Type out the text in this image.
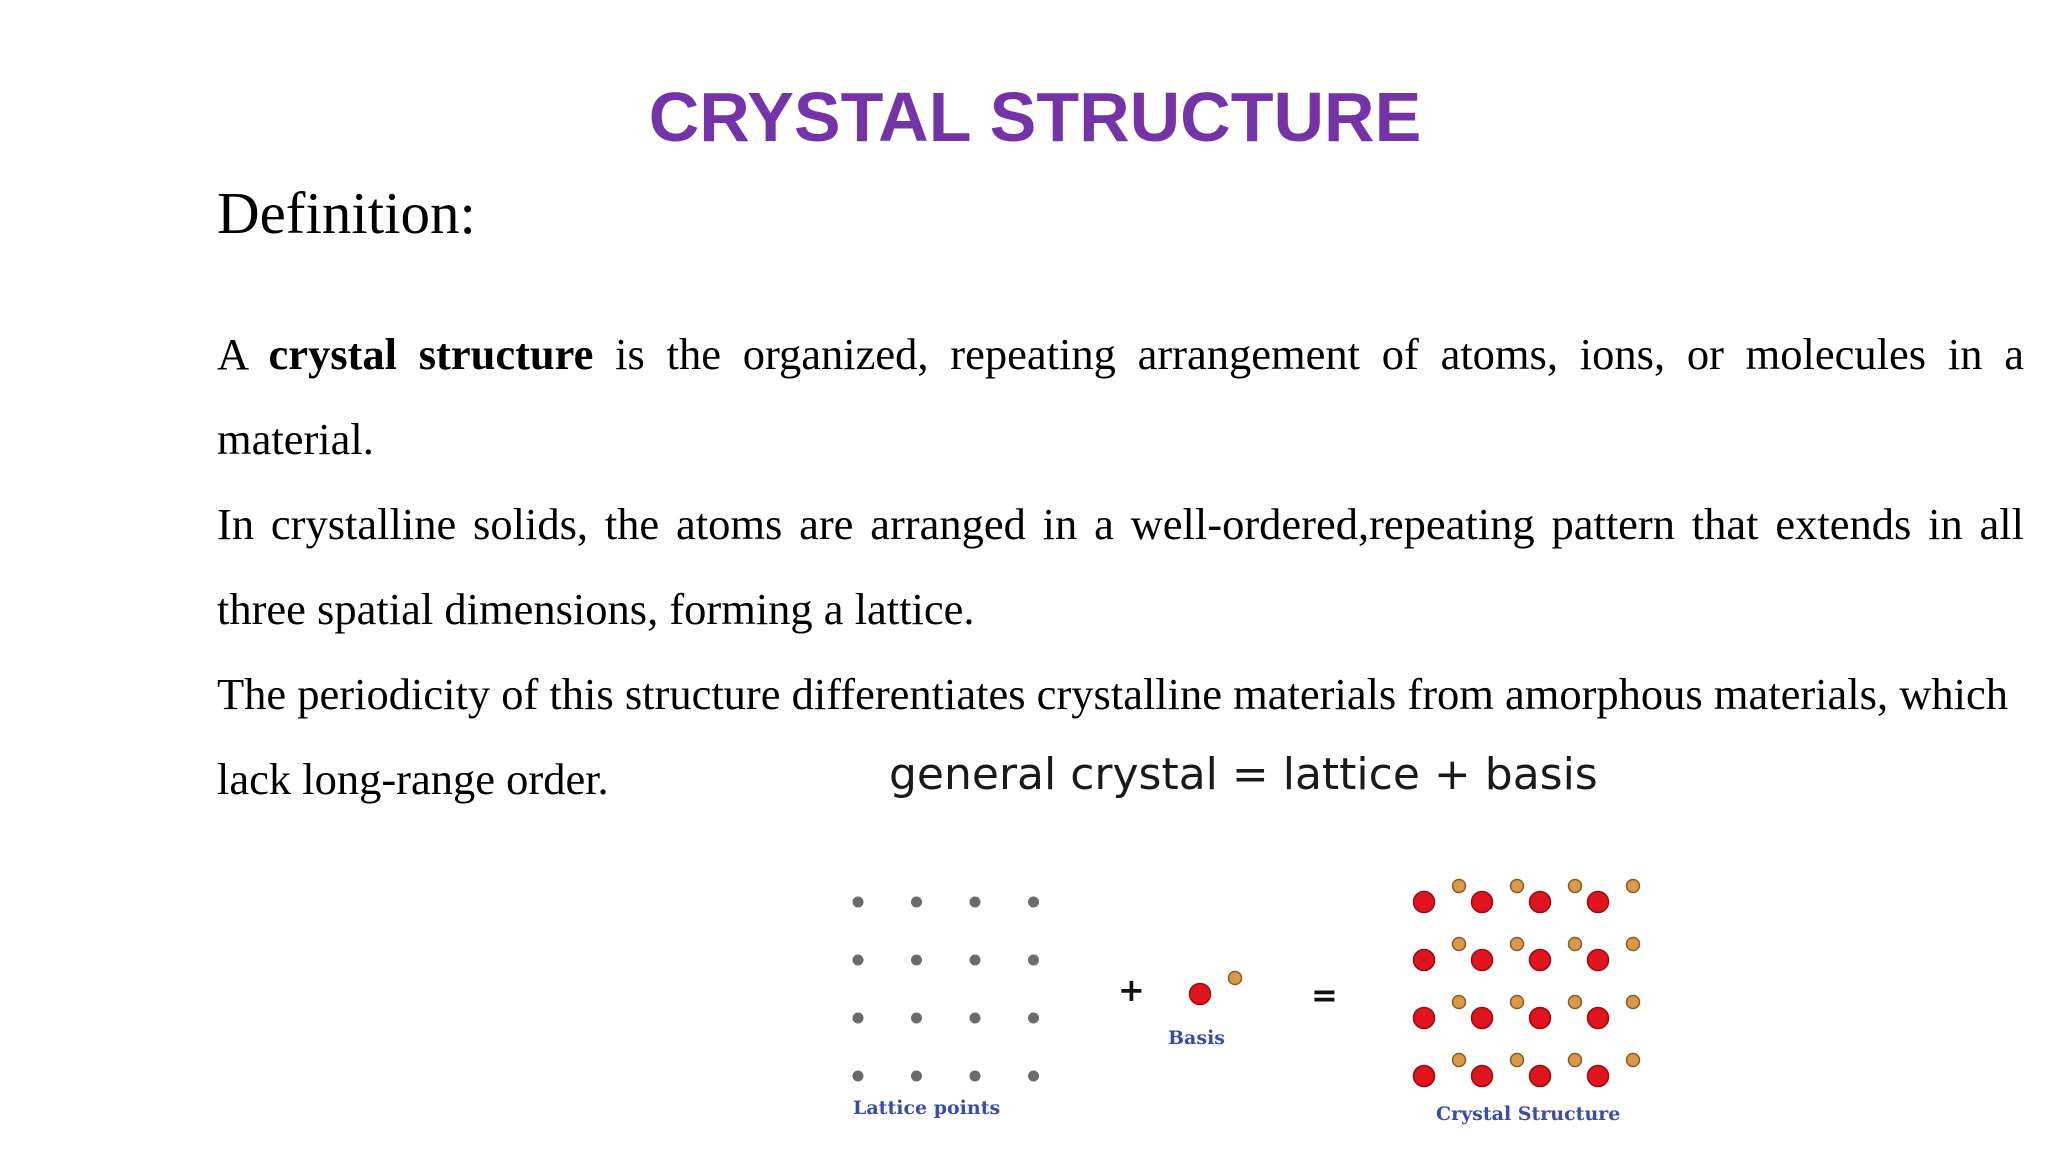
CRYSTAL STRUCTURE
Definition:

A crystal structure is the organized, repeating arrangement of atoms, ions, or molecules in a material.

In crystalline solids, the atoms are arranged in a well-ordered,repeating pattern that extends in all three spatial dimensions, forming a lattice.

The periodicity of this structure differentiates crystalline materials from amorphous materials, which lack long-range order.	general crystal = lattice + basis
+	=
Lattice points
Basis
Crystal Structure
